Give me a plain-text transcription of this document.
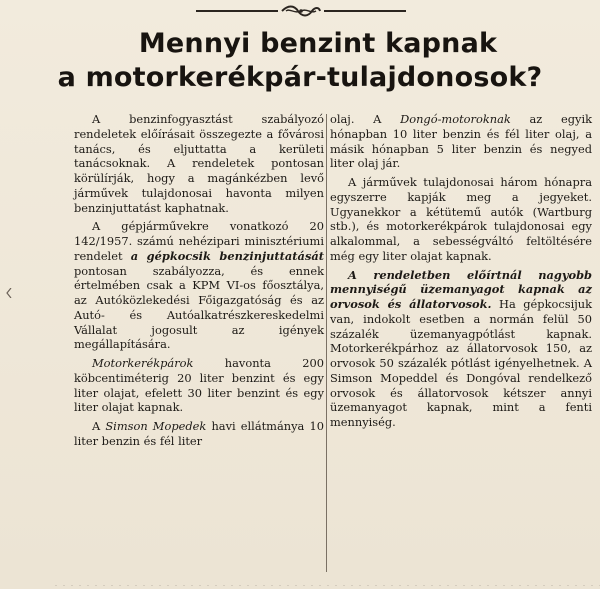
Mennyi benzint kapnak
a motorkerékpár-tulajdonosok?

A benzinfogyasztást szabályozó rendeletek előírásait összegezte a fővárosi tanács, és eljuttatta a kerületi tanácsoknak. A rendeletek pontosan körülírják, hogy a magánkézben levő járművek tulajdonosai havonta milyen benzinjuttatást kaphatnak.

A gépjárművekre vonatkozó 20 142/1957. számú nehézipari minisztériumi rendelet a gépkocsik benzinjuttatását pontosan szabályozza, és ennek értelmében csak a KPM VI-os főosztálya, az Autóközlekedési Főigazgatóság és az Autó- és Autóalkatrészkereskedelmi Vállalat jogosult az igények megállapítására.

Motorkerékpárok havonta 200 köbcentiméterig 20 liter benzint és egy liter olajat, efelett 30 liter benzint és egy liter olajat kapnak.

A Simson Mopedek havi ellátmánya 10 liter benzin és fél liter

olaj. A Dongó-motoroknak az egyik hónapban 10 liter benzin és fél liter olaj, a másik hónapban 5 liter benzin és negyed liter olaj jár.

A járművek tulajdonosai három hónapra egyszerre kapják meg a jegyeket. Ugyanekkor a kétütemű autók (Wartburg stb.), és motorkerékpárok tulajdonosai egy alkalommal, a sebességváltó feltöltésére még egy liter olajat kapnak.

A rendeletben előírtnál nagyobb mennyiségű üzemanyagot kapnak az orvosok és állatorvosok. Ha gépkocsijuk van, indokolt esetben a normán felül 50 százalék üzemanyagpótlást kapnak. Motorkerékpárhoz az állatorvosok 150, az orvosok 50 százalék pótlást igényelhetnek. A Simson Mopeddel és Dongóval rendelkező orvosok és állatorvosok kétszer annyi üzemanyagot kapnak, mint a fenti mennyiség.
